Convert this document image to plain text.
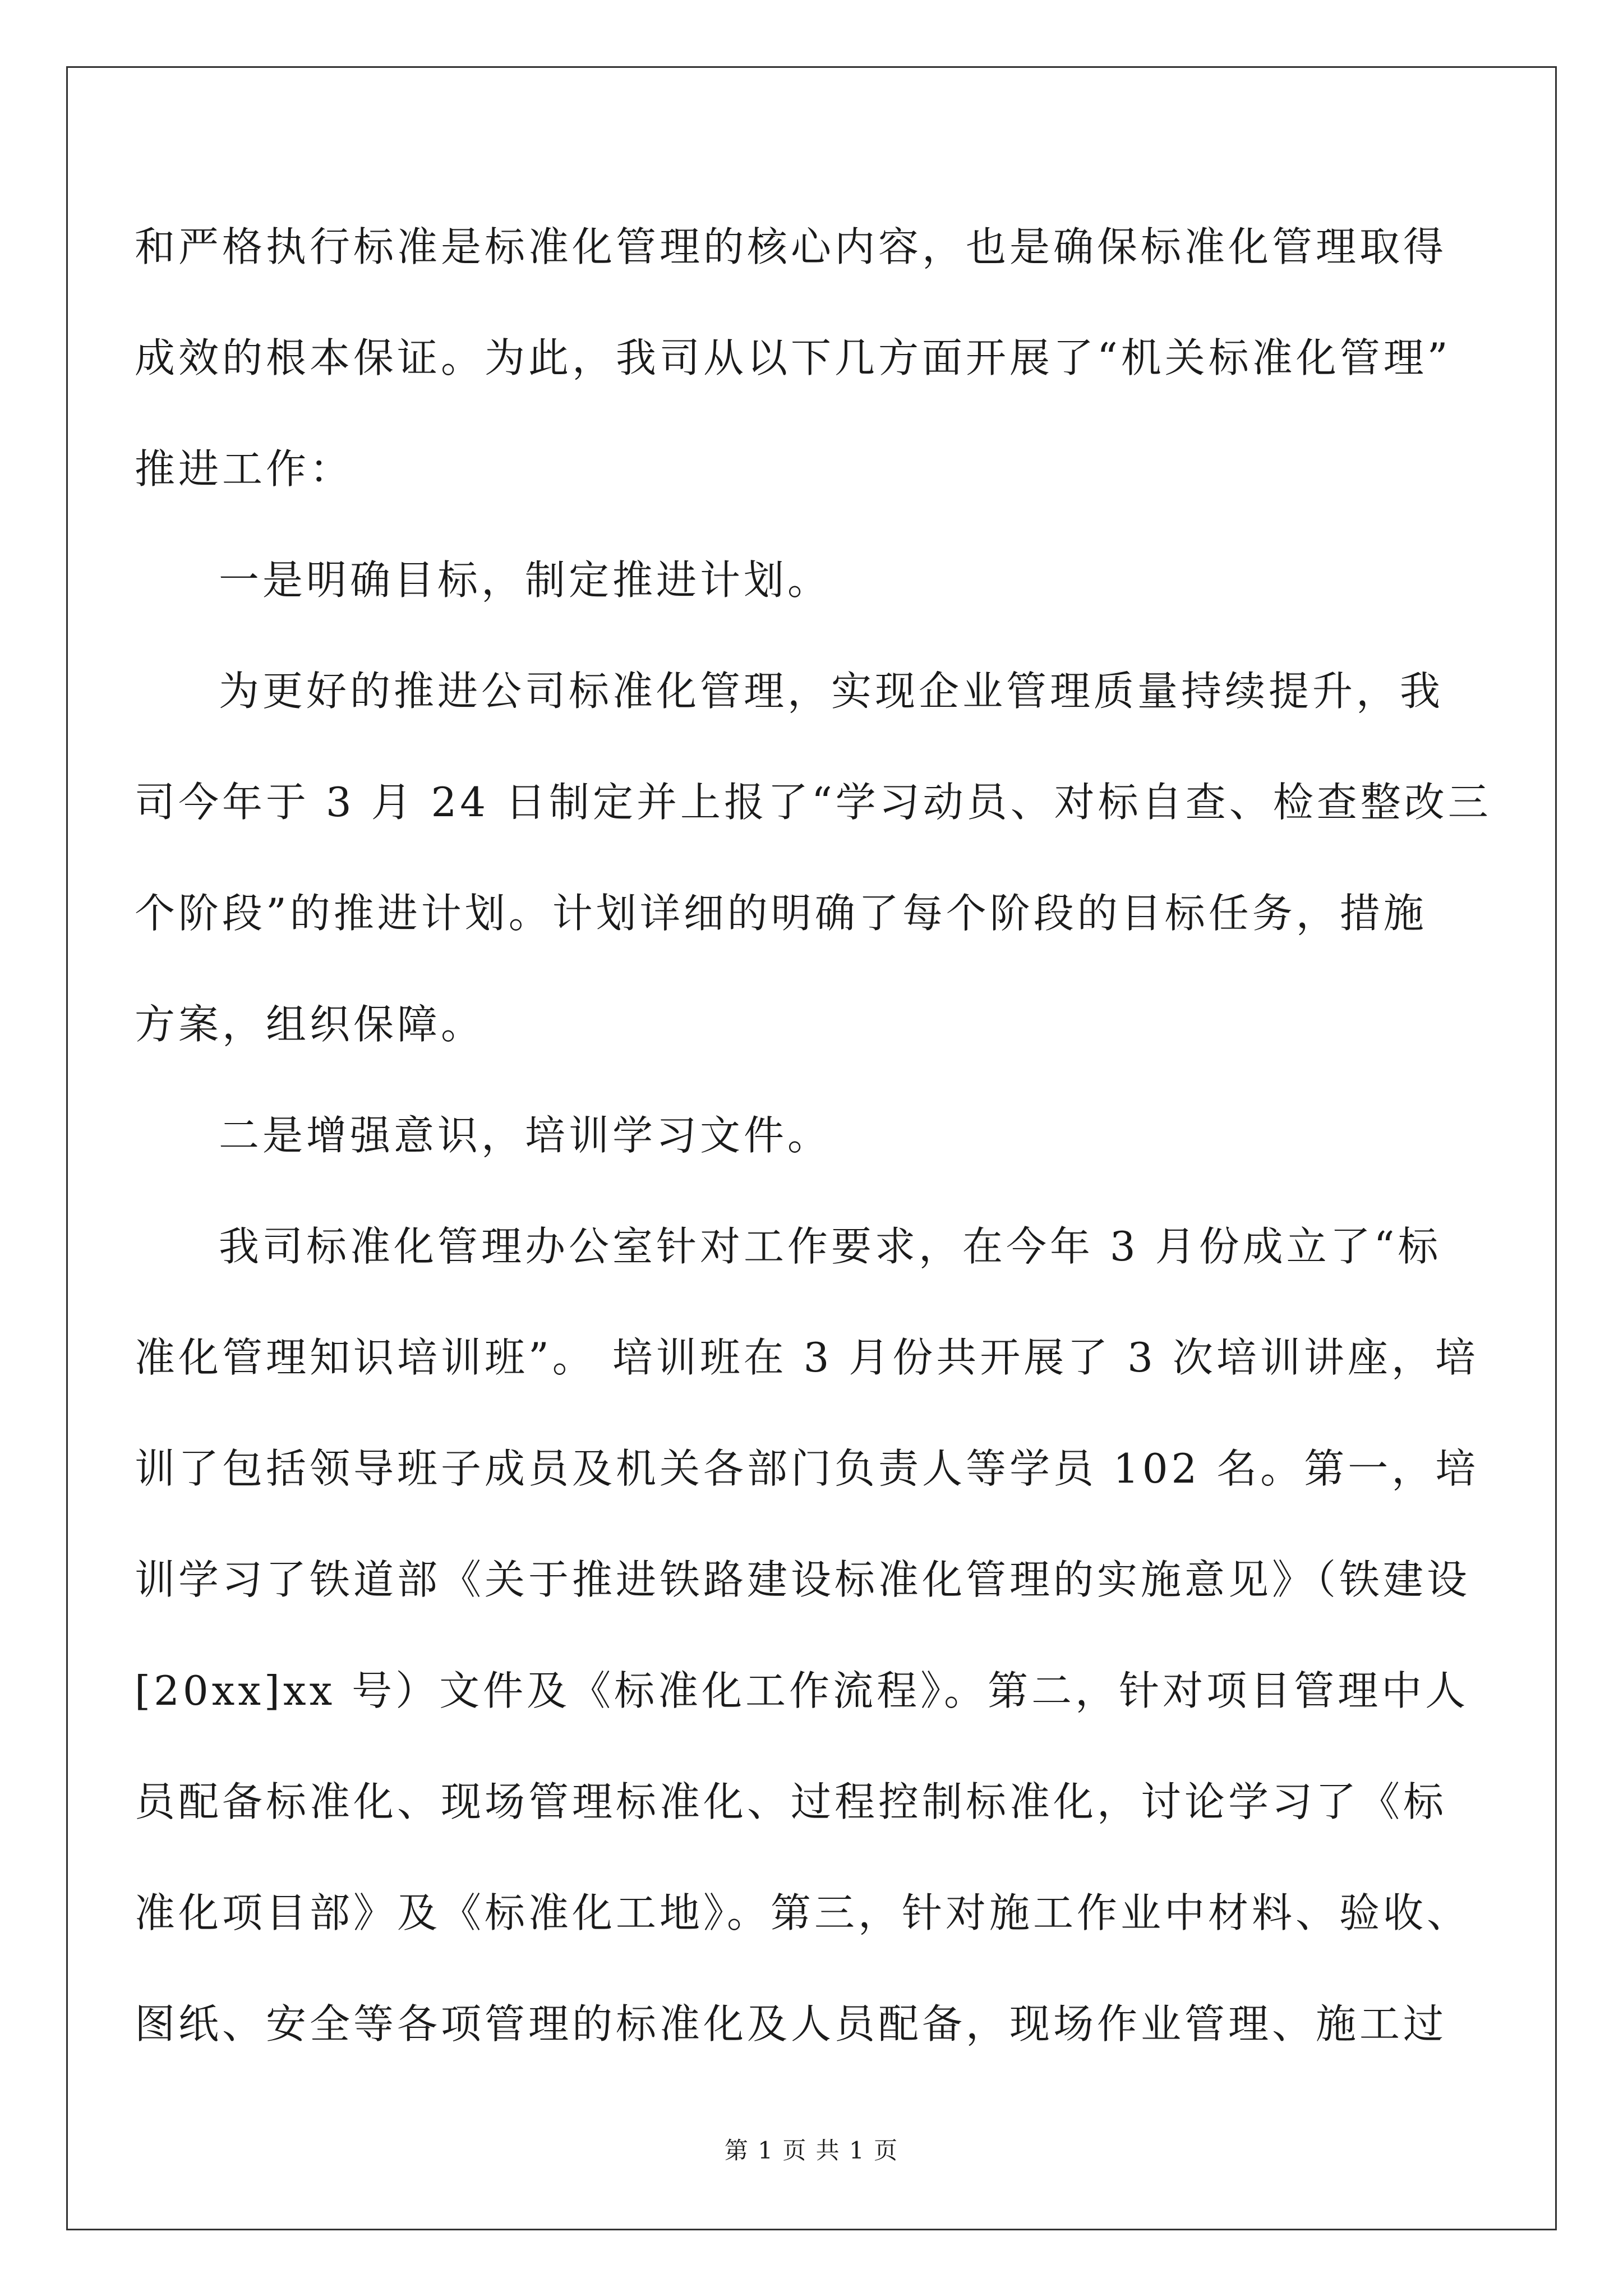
和严格执行标准是标准化管理的核心内容，也是确保标准化管理取得
成效的根本保证。为此，我司从以下几方面开展了“机关标准化管理”
推进工作：
一是明确目标，制定推进计划。
为更好的推进公司标准化管理，实现企业管理质量持续提升，我
司今年于 3 月 24 日制定并上报了“学习动员、对标自查、检查整改三
个阶段”的推进计划。计划详细的明确了每个阶段的目标任务，措施
方案，组织保障。
二是增强意识，培训学习文件。
我司标准化管理办公室针对工作要求，在今年 3 月份成立了“标
准化管理知识培训班”。 培训班在 3 月份共开展了 3 次培训讲座，培
训了包括领导班子成员及机关各部门负责人等学员 102 名。第一，培
训学习了铁道部《关于推进铁路建设标准化管理的实施意见》（铁建设
[20xx]xx 号）文件及《标准化工作流程》。第二，针对项目管理中人
员配备标准化、现场管理标准化、过程控制标准化，讨论学习了《标
准化项目部》及《标准化工地》。第三，针对施工作业中材料、验收、
图纸、安全等各项管理的标准化及人员配备，现场作业管理、施工过
第 1 页 共 1 页
